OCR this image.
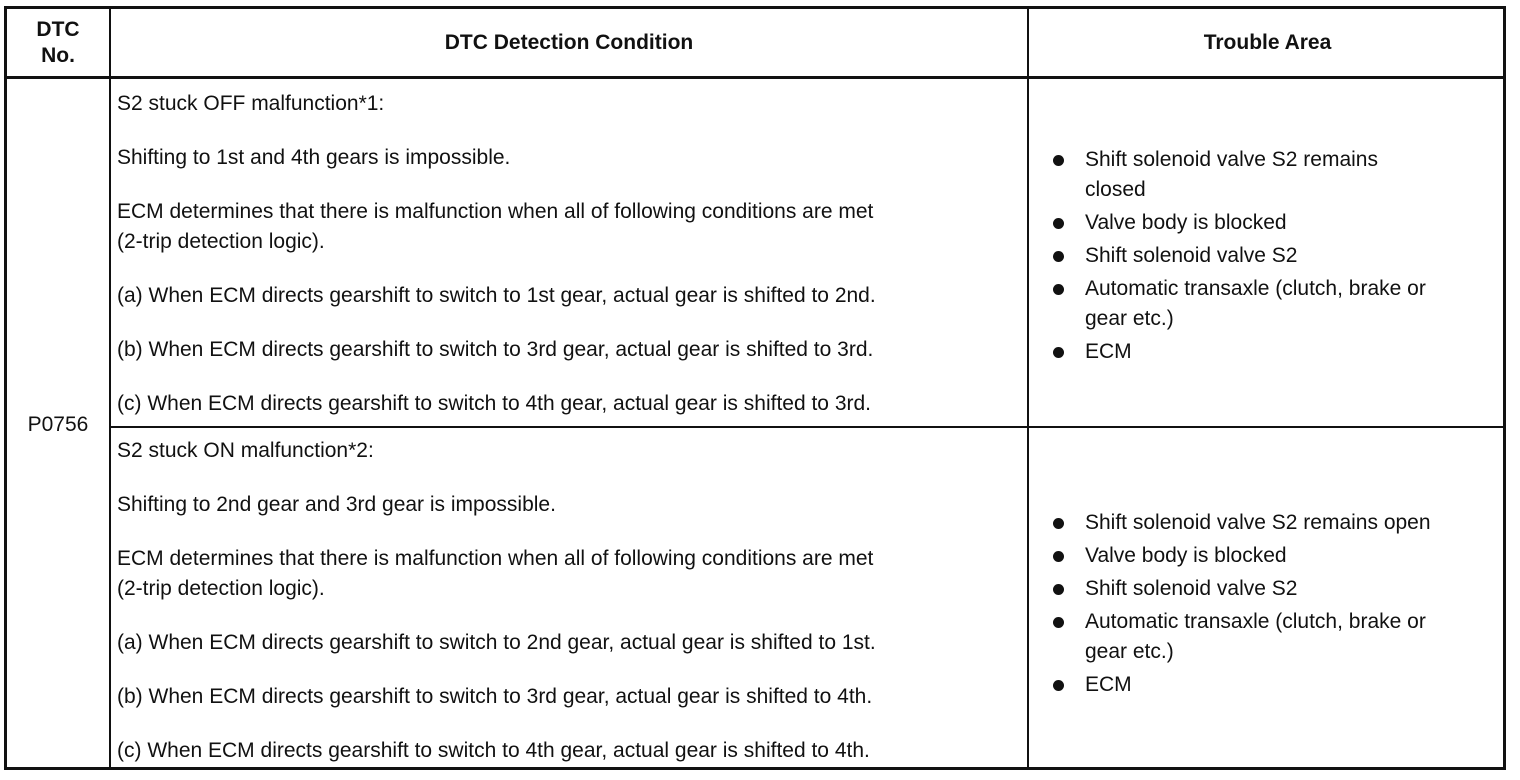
DTC
No.
DTC Detection Condition	Trouble Area
P0756

S2 stuck OFF malfunction*1:

Shifting to 1st and 4th gears is impossible.

ECM determines that there is malfunction when all of following conditions are met
(2-trip detection logic).

(a) When ECM directs gearshift to switch to 1st gear, actual gear is shifted to 2nd.

(b) When ECM directs gearshift to switch to 3rd gear, actual gear is shifted to 3rd.

(c) When ECM directs gearshift to switch to 4th gear, actual gear is shifted to 3rd.

Shift solenoid valve S2 remains
closed
Valve body is blocked
Shift solenoid valve S2
Automatic transaxle (clutch, brake or
gear etc.)
ECM

S2 stuck ON malfunction*2:

Shifting to 2nd gear and 3rd gear is impossible.

ECM determines that there is malfunction when all of following conditions are met
(2-trip detection logic).

(a) When ECM directs gearshift to switch to 2nd gear, actual gear is shifted to 1st.

(b) When ECM directs gearshift to switch to 3rd gear, actual gear is shifted to 4th.

(c) When ECM directs gearshift to switch to 4th gear, actual gear is shifted to 4th.

Shift solenoid valve S2 remains open
Valve body is blocked
Shift solenoid valve S2
Automatic transaxle (clutch, brake or
gear etc.)
ECM
